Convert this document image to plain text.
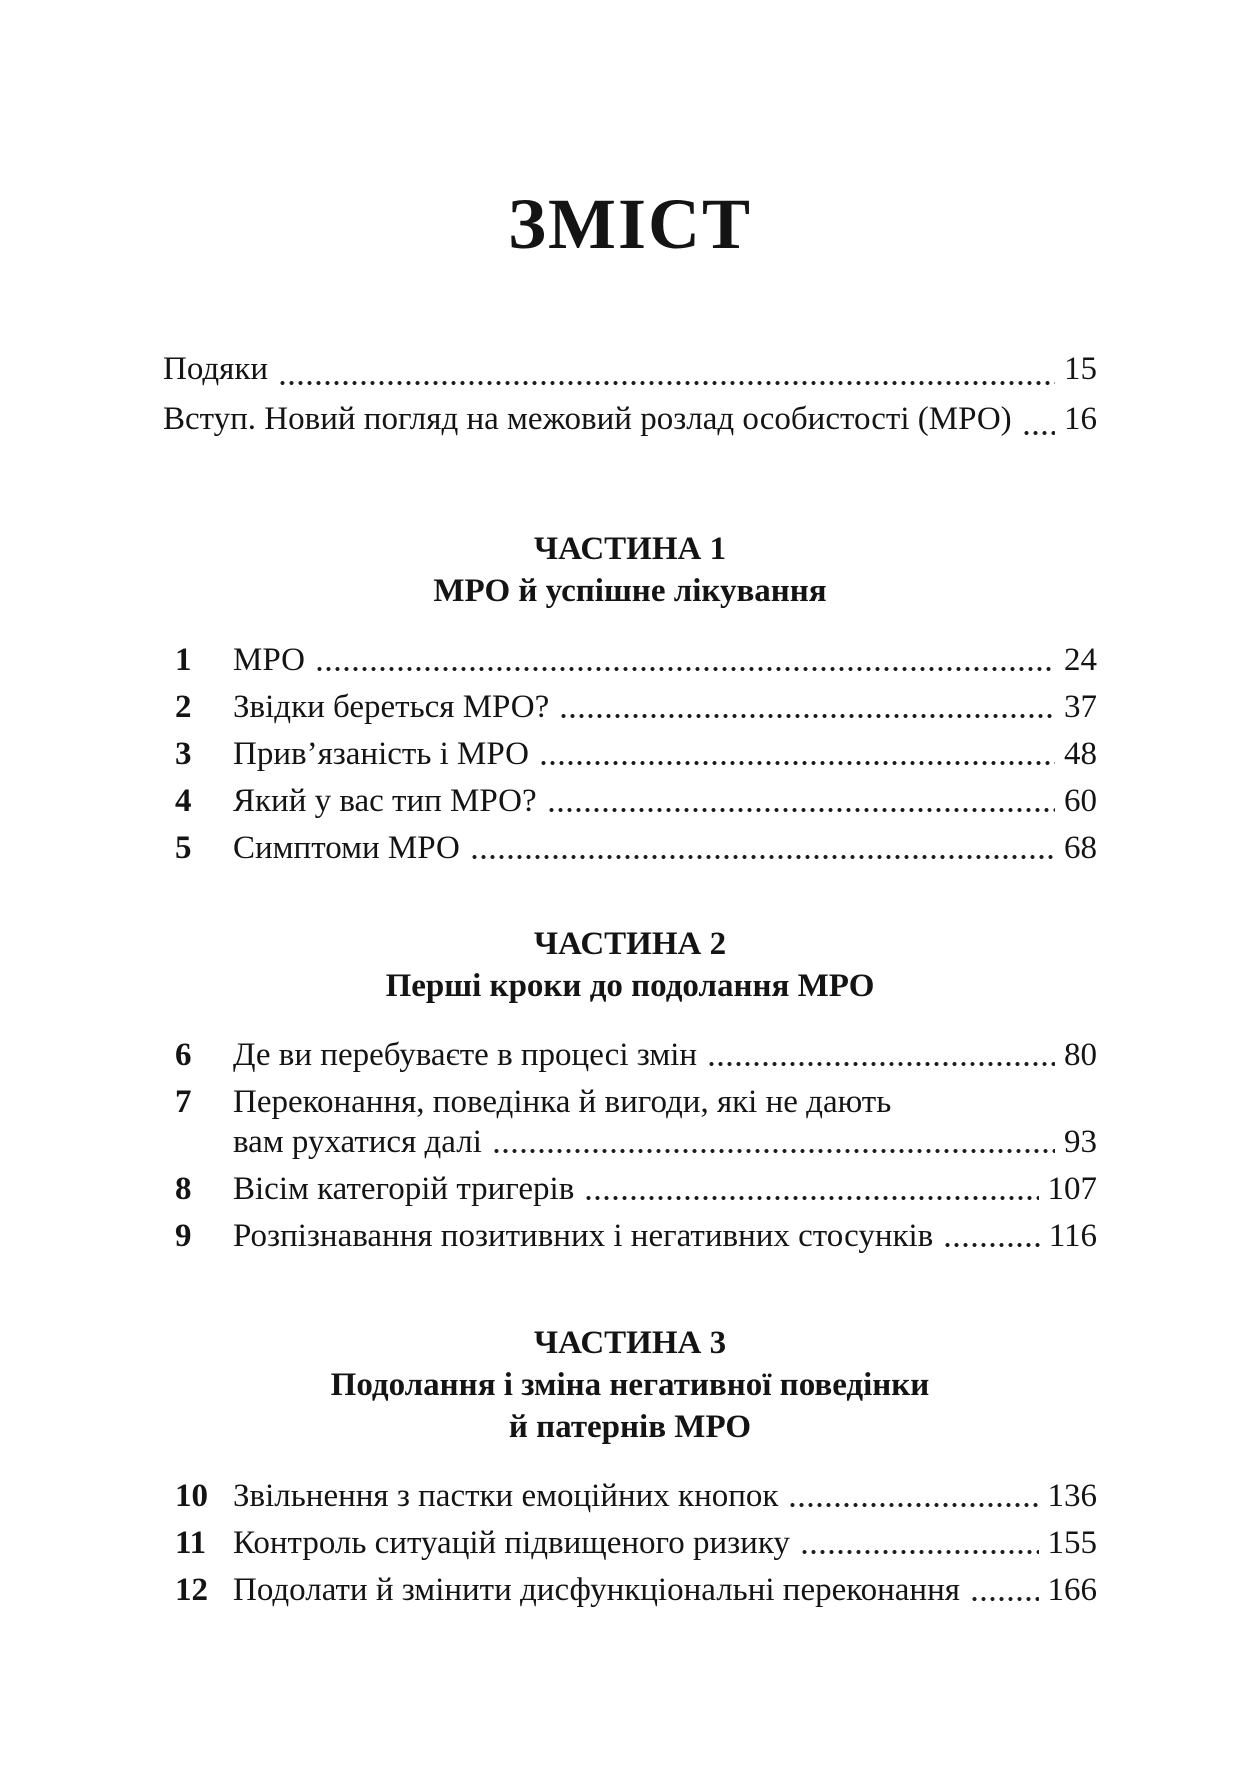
ЗМІСТ
Подяки	15
Вступ. Новий погляд на межовий розлад особистості (МРО) 16
ЧАСТИНА 1
МРО й успішне лікування
1	МРО	24
2	Звідки береться МРО?	37
3	Прив’язаність і МРО	48
4	Який у вас тип МРО?	60
5	Симптоми МРО	68
ЧАСТИНА 2
Перші кроки до подолання МРО
6	Де ви перебуваєте в процесі змін	80
7	Переконання, поведінка й вигоди, які не дають
вам рухатися далі	93
8	Вісім категорій тригерів	107
9	Розпізнавання позитивних і негативних стосунків	116
ЧАСТИНА 3
Подолання і зміна негативної поведінки
й патернів МРО
10 Звільнення з пастки емоційних кнопок	136
11 Контроль ситуацій підвищеного ризику	155
12 Подолати й змінити дисфункціональні переконання	166
